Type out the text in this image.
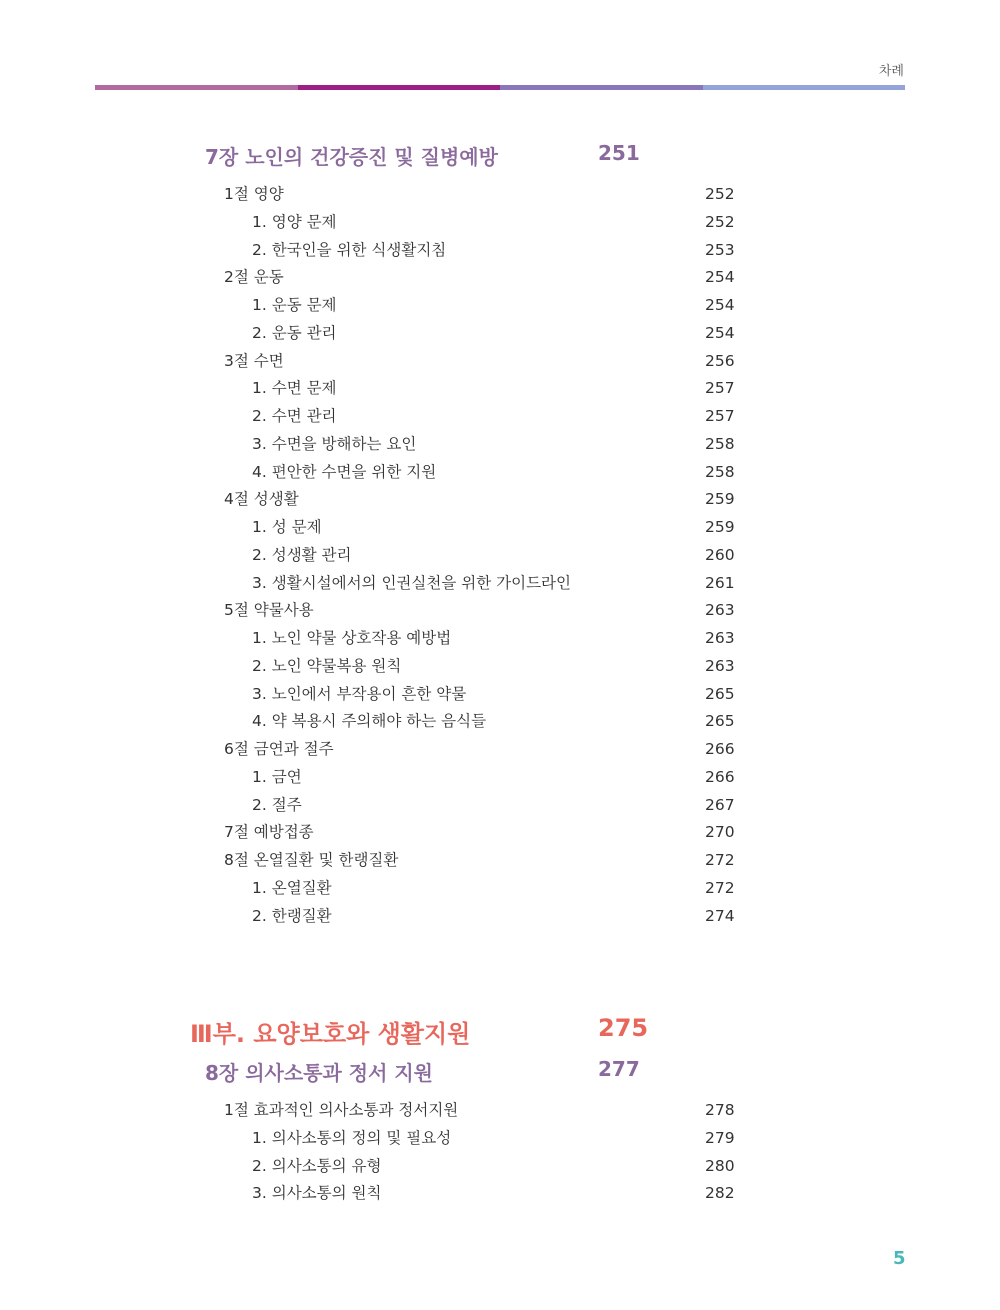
차례
7장 노인의 건강증진 및 질병예방	251
1절 영양	252
1. 영양 문제	252
2. 한국인을 위한 식생활지침	253
2절 운동	254
1. 운동 문제	254
2. 운동 관리	254
3절 수면	256
1. 수면 문제	257
2. 수면 관리	257
3. 수면을 방해하는 요인	258
4. 편안한 수면을 위한 지원	258
4절 성생활	259
1. 성 문제	259
2. 성생활 관리	260
3. 생활시설에서의 인권실천을 위한 가이드라인	261
5절 약물사용	263
1. 노인 약물 상호작용 예방법	263
2. 노인 약물복용 원칙	263
3. 노인에서 부작용이 흔한 약물	265
4. 약 복용시 주의해야 하는 음식들	265
6절 금연과 절주	266
1. 금연	266
2. 절주	267
7절 예방접종	270
8절 온열질환 및 한랭질환	272
1. 온열질환	272
2. 한랭질환	274
Ⅲ부. 요양보호와 생활지원	275
8장 의사소통과 정서 지원	277
1절 효과적인 의사소통과 정서지원	278
1. 의사소통의 정의 및 필요성	279
2. 의사소통의 유형	280
3. 의사소통의 원칙	282
5
